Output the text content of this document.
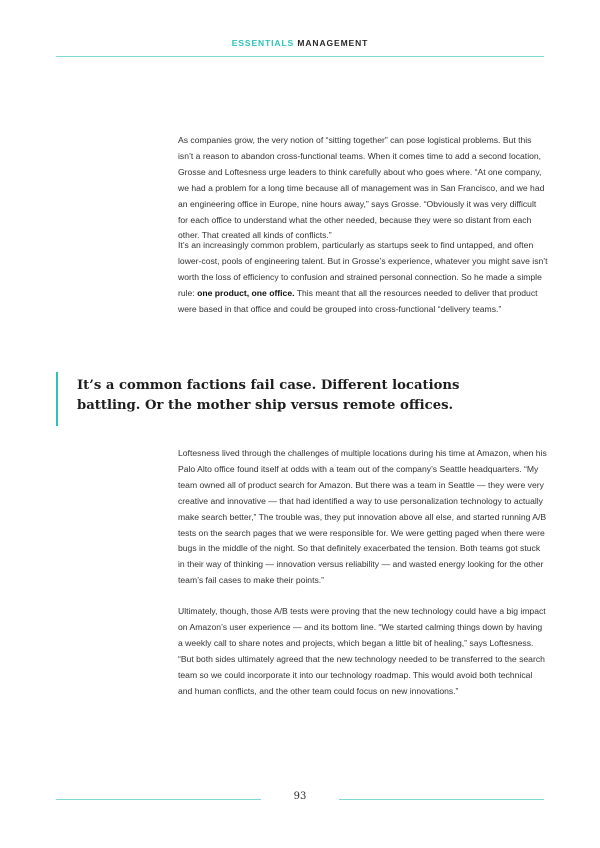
ESSENTIALS MANAGEMENT

As companies grow, the very notion of “sitting together” can pose logistical problems. But this isn’t a reason to abandon cross-functional teams. When it comes time to add a second location, Grosse and Loftesness urge leaders to think carefully about who goes where. “At one company, we had a problem for a long time because all of management was in San Francisco, and we had an engineering office in Europe, nine hours away,” says Grosse. “Obviously it was very difficult for each office to understand what the other needed, because they were so distant from each other. That created all kinds of conflicts.”

It’s an increasingly common problem, particularly as startups seek to find untapped, and often lower-cost, pools of engineering talent. But in Grosse’s experience, whatever you might save isn’t worth the loss of efficiency to confusion and strained personal connection. So he made a simple rule: one product, one office. This meant that all the resources needed to deliver that product were based in that office and could be grouped into cross-functional “delivery teams.”

It’s a common factions fail case. Different locations battling. Or the mother ship versus remote offices.

Loftesness lived through the challenges of multiple locations during his time at Amazon, when his Palo Alto office found itself at odds with a team out of the company’s Seattle headquarters. “My team owned all of product search for Amazon. But there was a team in Seattle — they were very creative and innovative — that had identified a way to use personalization technology to actually make search better,” The trouble was, they put innovation above all else, and started running A/B tests on the search pages that we were responsible for. We were getting paged when there were bugs in the middle of the night. So that definitely exacerbated the tension. Both teams got stuck in their way of thinking — innovation versus reliability — and wasted energy looking for the other team’s fail cases to make their points.”

Ultimately, though, those A/B tests were proving that the new technology could have a big impact on Amazon’s user experience — and its bottom line. “We started calming things down by having a weekly call to share notes and projects, which began a little bit of healing,” says Loftesness. “But both sides ultimately agreed that the new technology needed to be transferred to the search team so we could incorporate it into our technology roadmap. This would avoid both technical and human conflicts, and the other team could focus on new innovations.”

93
